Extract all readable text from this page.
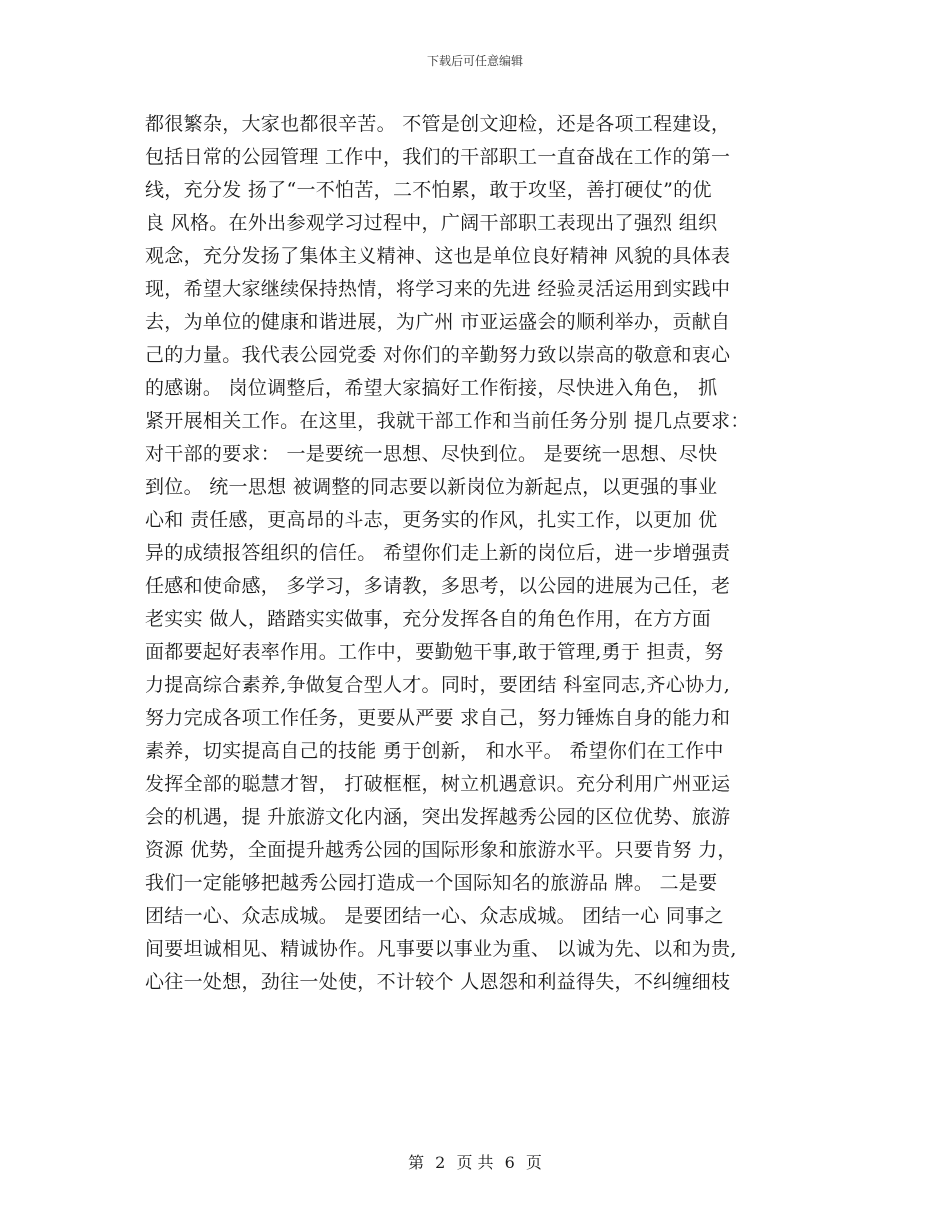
下载后可任意编辑
都很繁杂，大家也都很辛苦。 不管是创文迎检，还是各项工程建设，
包括日常的公园管理 工作中，我们的干部职工一直奋战在工作的第一
线，充分发 扬了“一不怕苦，二不怕累，敢于攻坚，善打硬仗”的优
良 风格。在外出参观学习过程中，广阔干部职工表现出了强烈 组织
观念，充分发扬了集体主义精神、这也是单位良好精神 风貌的具体表
现，希望大家继续保持热情，将学习来的先进 经验灵活运用到实践中
去，为单位的健康和谐进展，为广州 市亚运盛会的顺利举办，贡献自
己的力量。我代表公园党委 对你们的辛勤努力致以崇高的敬意和衷心
的感谢。 岗位调整后，希望大家搞好工作衔接，尽快进入角色， 抓
紧开展相关工作。在这里，我就干部工作和当前任务分别 提几点要求：
对干部的要求： 一是要统一思想、尽快到位。 是要统一思想、尽快
到位。 统一思想 被调整的同志要以新岗位为新起点，以更强的事业
心和 责任感，更高昂的斗志，更务实的作风，扎实工作，以更加 优
异的成绩报答组织的信任。 希望你们走上新的岗位后，进一步增强责
任感和使命感， 多学习，多请教，多思考，以公园的进展为己任，老
老实实 做人，踏踏实实做事，充分发挥各自的角色作用，在方方面
面都要起好表率作用。工作中，要勤勉干事,敢于管理,勇于 担责，努
力提高综合素养,争做复合型人才。同时，要团结 科室同志,齐心协力,
努力完成各项工作任务，更要从严要 求自己，努力锤炼自身的能力和
素养，切实提高自己的技能 勇于创新， 和水平。 希望你们在工作中
发挥全部的聪慧才智， 打破框框，树立机遇意识。充分利用广州亚运
会的机遇，提 升旅游文化内涵，突出发挥越秀公园的区位优势、旅游
资源 优势，全面提升越秀公园的国际形象和旅游水平。只要肯努 力，
我们一定能够把越秀公园打造成一个国际知名的旅游品 牌。 二是要
团结一心、众志成城。 是要团结一心、众志成城。 团结一心 同事之
间要坦诚相见、精诚协作。凡事要以事业为重、 以诚为先、以和为贵,
心往一处想，劲往一处使，不计较个 人恩怨和利益得失，不纠缠细枝
第 2 页 共 6 页
